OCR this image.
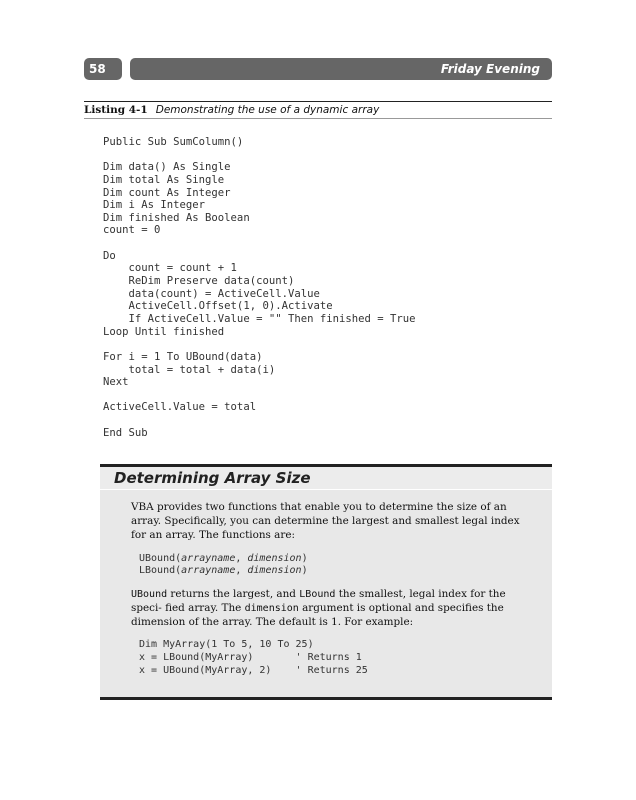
58	Friday Evening
Listing 4-1 Demonstrating the use of a dynamic array
Public Sub SumColumn()
Dim data() As Single
Dim total As Single
Dim count As Integer
Dim i As Integer
Dim finished As Boolean
count = 0
Do
count = count + 1
ReDim Preserve data(count)
data(count) = ActiveCell.Value
ActiveCell.Offset(1, 0).Activate
If ActiveCell.Value = "" Then finished = True
Loop Until finished
For i = 1 To UBound(data)
total = total + data(i)
Next
ActiveCell.Value = total
End Sub
Determining Array Size

VBA provides two functions that enable you to determine the size of an array. Specifically, you can determine the largest and smallest legal index for an array. The functions are:

UBound(arrayname, dimension)
LBound(arrayname, dimension)

UBound returns the largest, and LBound the smallest, legal index for the speci- fied array. The dimension argument is optional and specifies the dimension of the array. The default is 1. For example:

Dim MyArray(1 To 5, 10 To 25)
x = LBound(MyArray)       ' Returns 1
x = UBound(MyArray, 2)    ' Returns 25
